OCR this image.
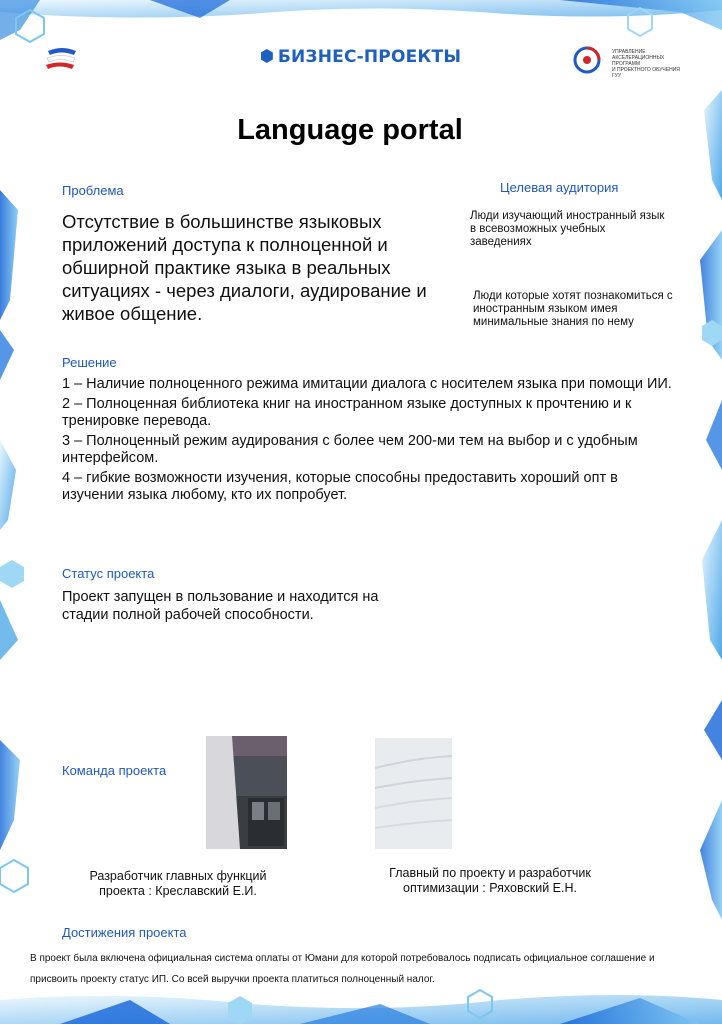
БИЗНЕС-ПРОЕКТЫ	УПРАВЛЕНИЕ
АКСЕЛЕРАЦИОННЫХ ПРОГРАММ
И ПРОЕКТНОГО ОБУЧЕНИЯ
ГУУ
Language portal
Проблема
Отсутствие в большинстве языковых приложений доступа к полноценной и обширной практике языка в реальных ситуациях - через диалоги, аудирование и живое общение.
Целевая аудитория
Люди изучающий иностранный язык в всевозможных учебных заведениях
Люди которые хотят познакомиться с иностранным языком имея минимальные знания по нему
Решение
1 – Наличие полноценного режима имитации диалога с носителем языка при помощи ИИ.
2 – Полноценная библиотека книг на иностранном языке доступных к прочтению и к тренировке перевода.
3 – Полноценный режим аудирования с более чем 200-ми тем на выбор и с удобным интерфейсом.
4 – гибкие возможности изучения, которые способны предоставить хороший опт в изучении языка любому, кто их попробует.
Статус проекта
Проект запущен в пользование и находится на стадии полной рабочей способности.
Команда проекта
Разработчик главных функций проекта : Креславский Е.И.
Главный по проекту и разработчик оптимизации : Ряховский Е.Н.
Достижения проекта
В проект была включена официальная система оплаты от Юмани для которой потребовалось подписать официальное соглашение и присвоить проекту статус ИП. Со всей выручки проекта платиться полноценный налог.
